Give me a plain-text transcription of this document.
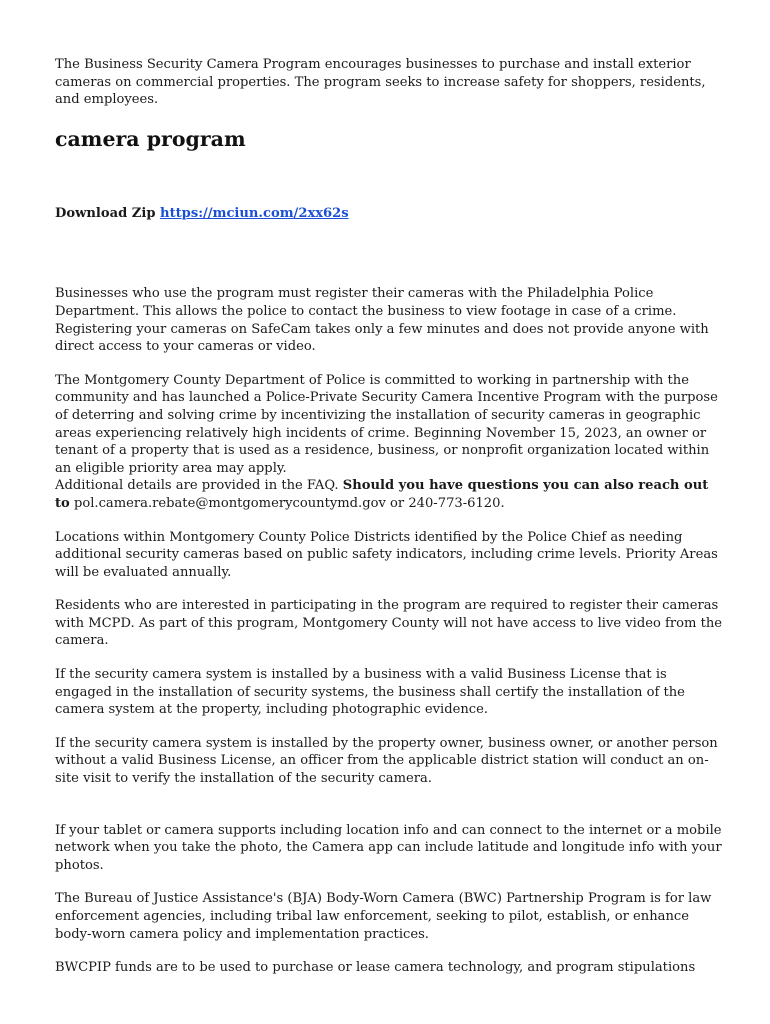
The Business Security Camera Program encourages businesses to purchase and install exterior cameras on commercial properties. The program seeks to increase safety for shoppers, residents, and employees.

camera program

Download Zip https://mciun.com/2xx62s

Businesses who use the program must register their cameras with the Philadelphia Police Department. This allows the police to contact the business to view footage in case of a crime. Registering your cameras on SafeCam takes only a few minutes and does not provide anyone with direct access to your cameras or video.

The Montgomery County Department of Police is committed to working in partnership with the community and has launched a Police-Private Security Camera Incentive Program with the purpose of deterring and solving crime by incentivizing the installation of security cameras in geographic areas experiencing relatively high incidents of crime. Beginning November 15, 2023, an owner or tenant of a property that is used as a residence, business, or nonprofit organization located within an eligible priority area may apply.

Additional details are provided in the FAQ. Should you have questions you can also reach out to pol.camera.rebate@montgomerycountymd.gov or 240-773-6120.

Locations within Montgomery County Police Districts identified by the Police Chief as needing additional security cameras based on public safety indicators, including crime levels. Priority Areas will be evaluated annually.

Residents who are interested in participating in the program are required to register their cameras with MCPD. As part of this program, Montgomery County will not have access to live video from the camera.

If the security camera system is installed by a business with a valid Business License that is engaged in the installation of security systems, the business shall certify the installation of the camera system at the property, including photographic evidence.

If the security camera system is installed by the property owner, business owner, or another person without a valid Business License, an officer from the applicable district station will conduct an on-site visit to verify the installation of the security camera.

If your tablet or camera supports including location info and can connect to the internet or a mobile network when you take the photo, the Camera app can include latitude and longitude info with your photos.

The Bureau of Justice Assistance's (BJA) Body-Worn Camera (BWC) Partnership Program is for law enforcement agencies, including tribal law enforcement, seeking to pilot, establish, or enhance body-worn camera policy and implementation practices.

BWCPIP funds are to be used to purchase or lease camera technology, and program stipulations
